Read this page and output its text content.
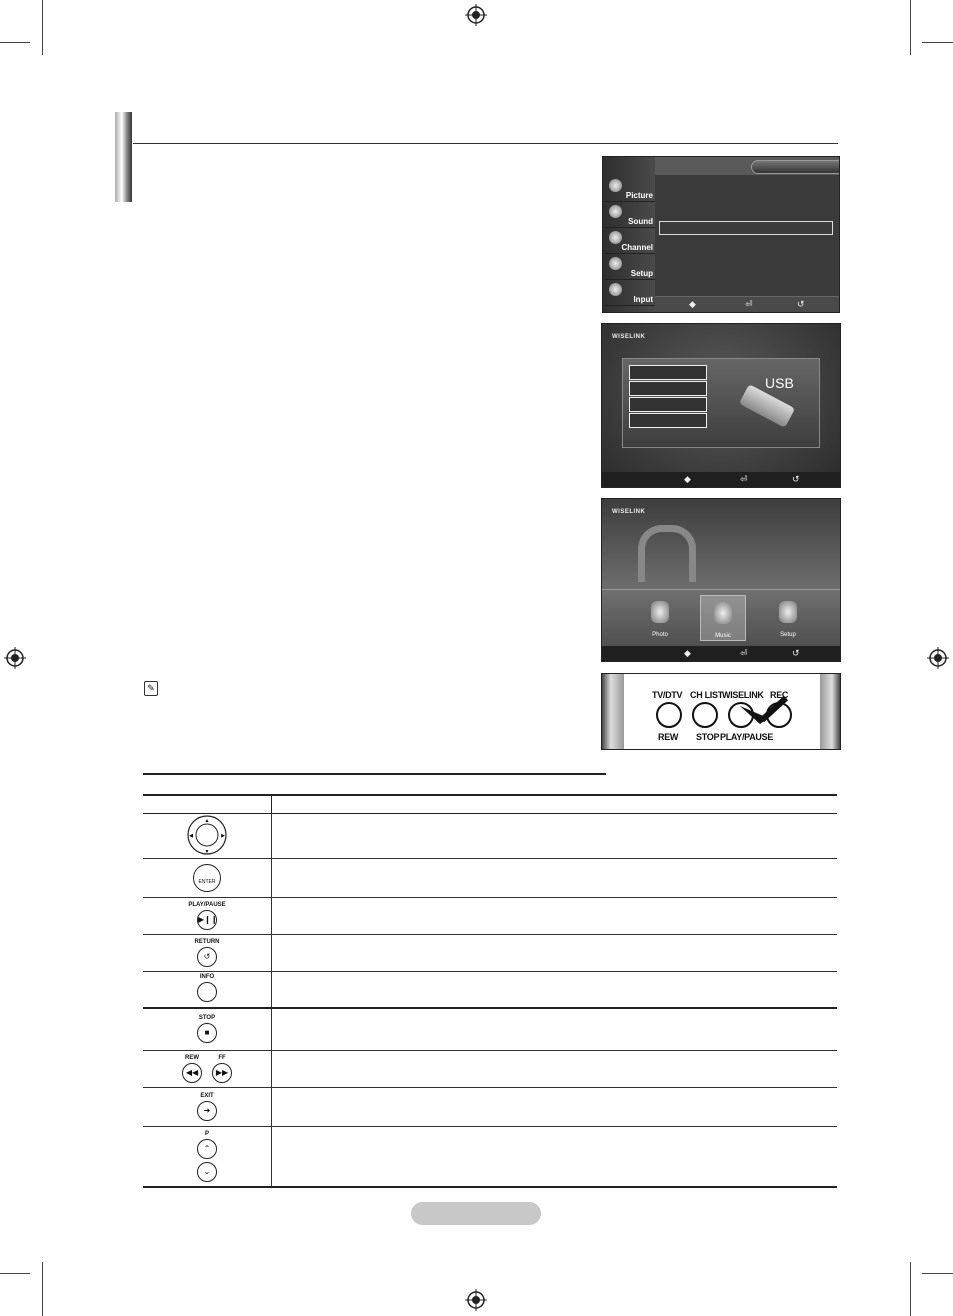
Picture
Sound
Channel
Setup
Input	◆	⏎	↺
WISELINK
USB
◆	⏎	↺
WISELINK
Photo	Music	Setup
◆	⏎	↺
TV/DTV CH LIST WISELINK REC
REW STOP PLAY/PAUSE
✎

▲
▼
◀ ▶	

ENTER	

PLAY/PAUSE
▶❙❙	

RETURN
↺	

INFO	

STOP
■	

REW
◀◀
FF
▶▶	

EXIT
➜	

P
⌃
⌄	
